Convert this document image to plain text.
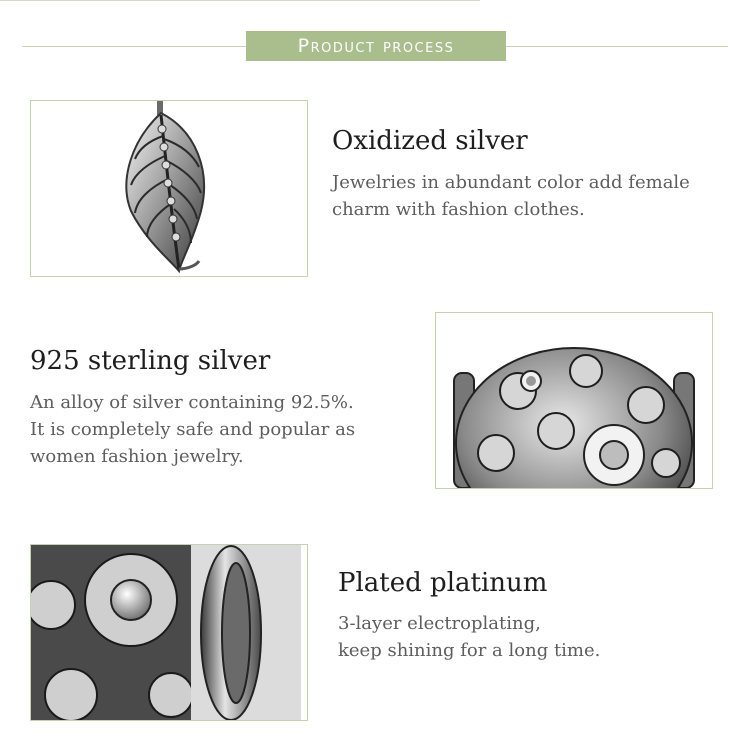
Product process
Oxidized silver
Jewelries in abundant color add female
charm with fashion clothes.
925 sterling silver
An alloy of silver containing 92.5%.
It is completely safe and popular as
women fashion jewelry.
Plated platinum
3-layer electroplating,
keep shining for a long time.
